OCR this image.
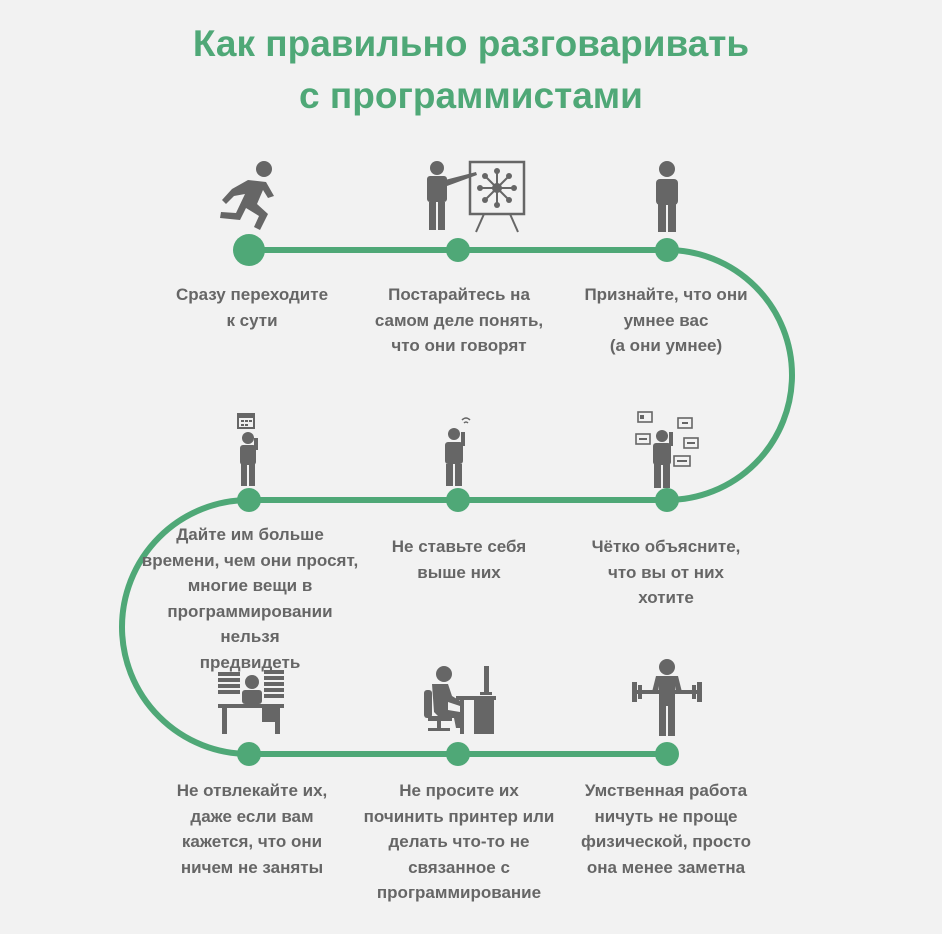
Как правильно разговаривать
с программистами
Сразу переходите
к сути
Постарайтесь на
самом деле понять,
что они говорят
Признайте, что они
умнее вас
(а они умнее)
Дайте им больше
времени, чем они просят,
многие вещи в
программировании нельзя
предвидеть
Не ставьте себя
выше них
Чётко объясните,
что вы от них
хотите
Не отвлекайте их,
даже если вам
кажется, что они
ничем не заняты
Не просите их
починить принтер или
делать что-то не
связанное с
программирование
Умственная работа
ничуть не проще
физической, просто
она менее заметна
